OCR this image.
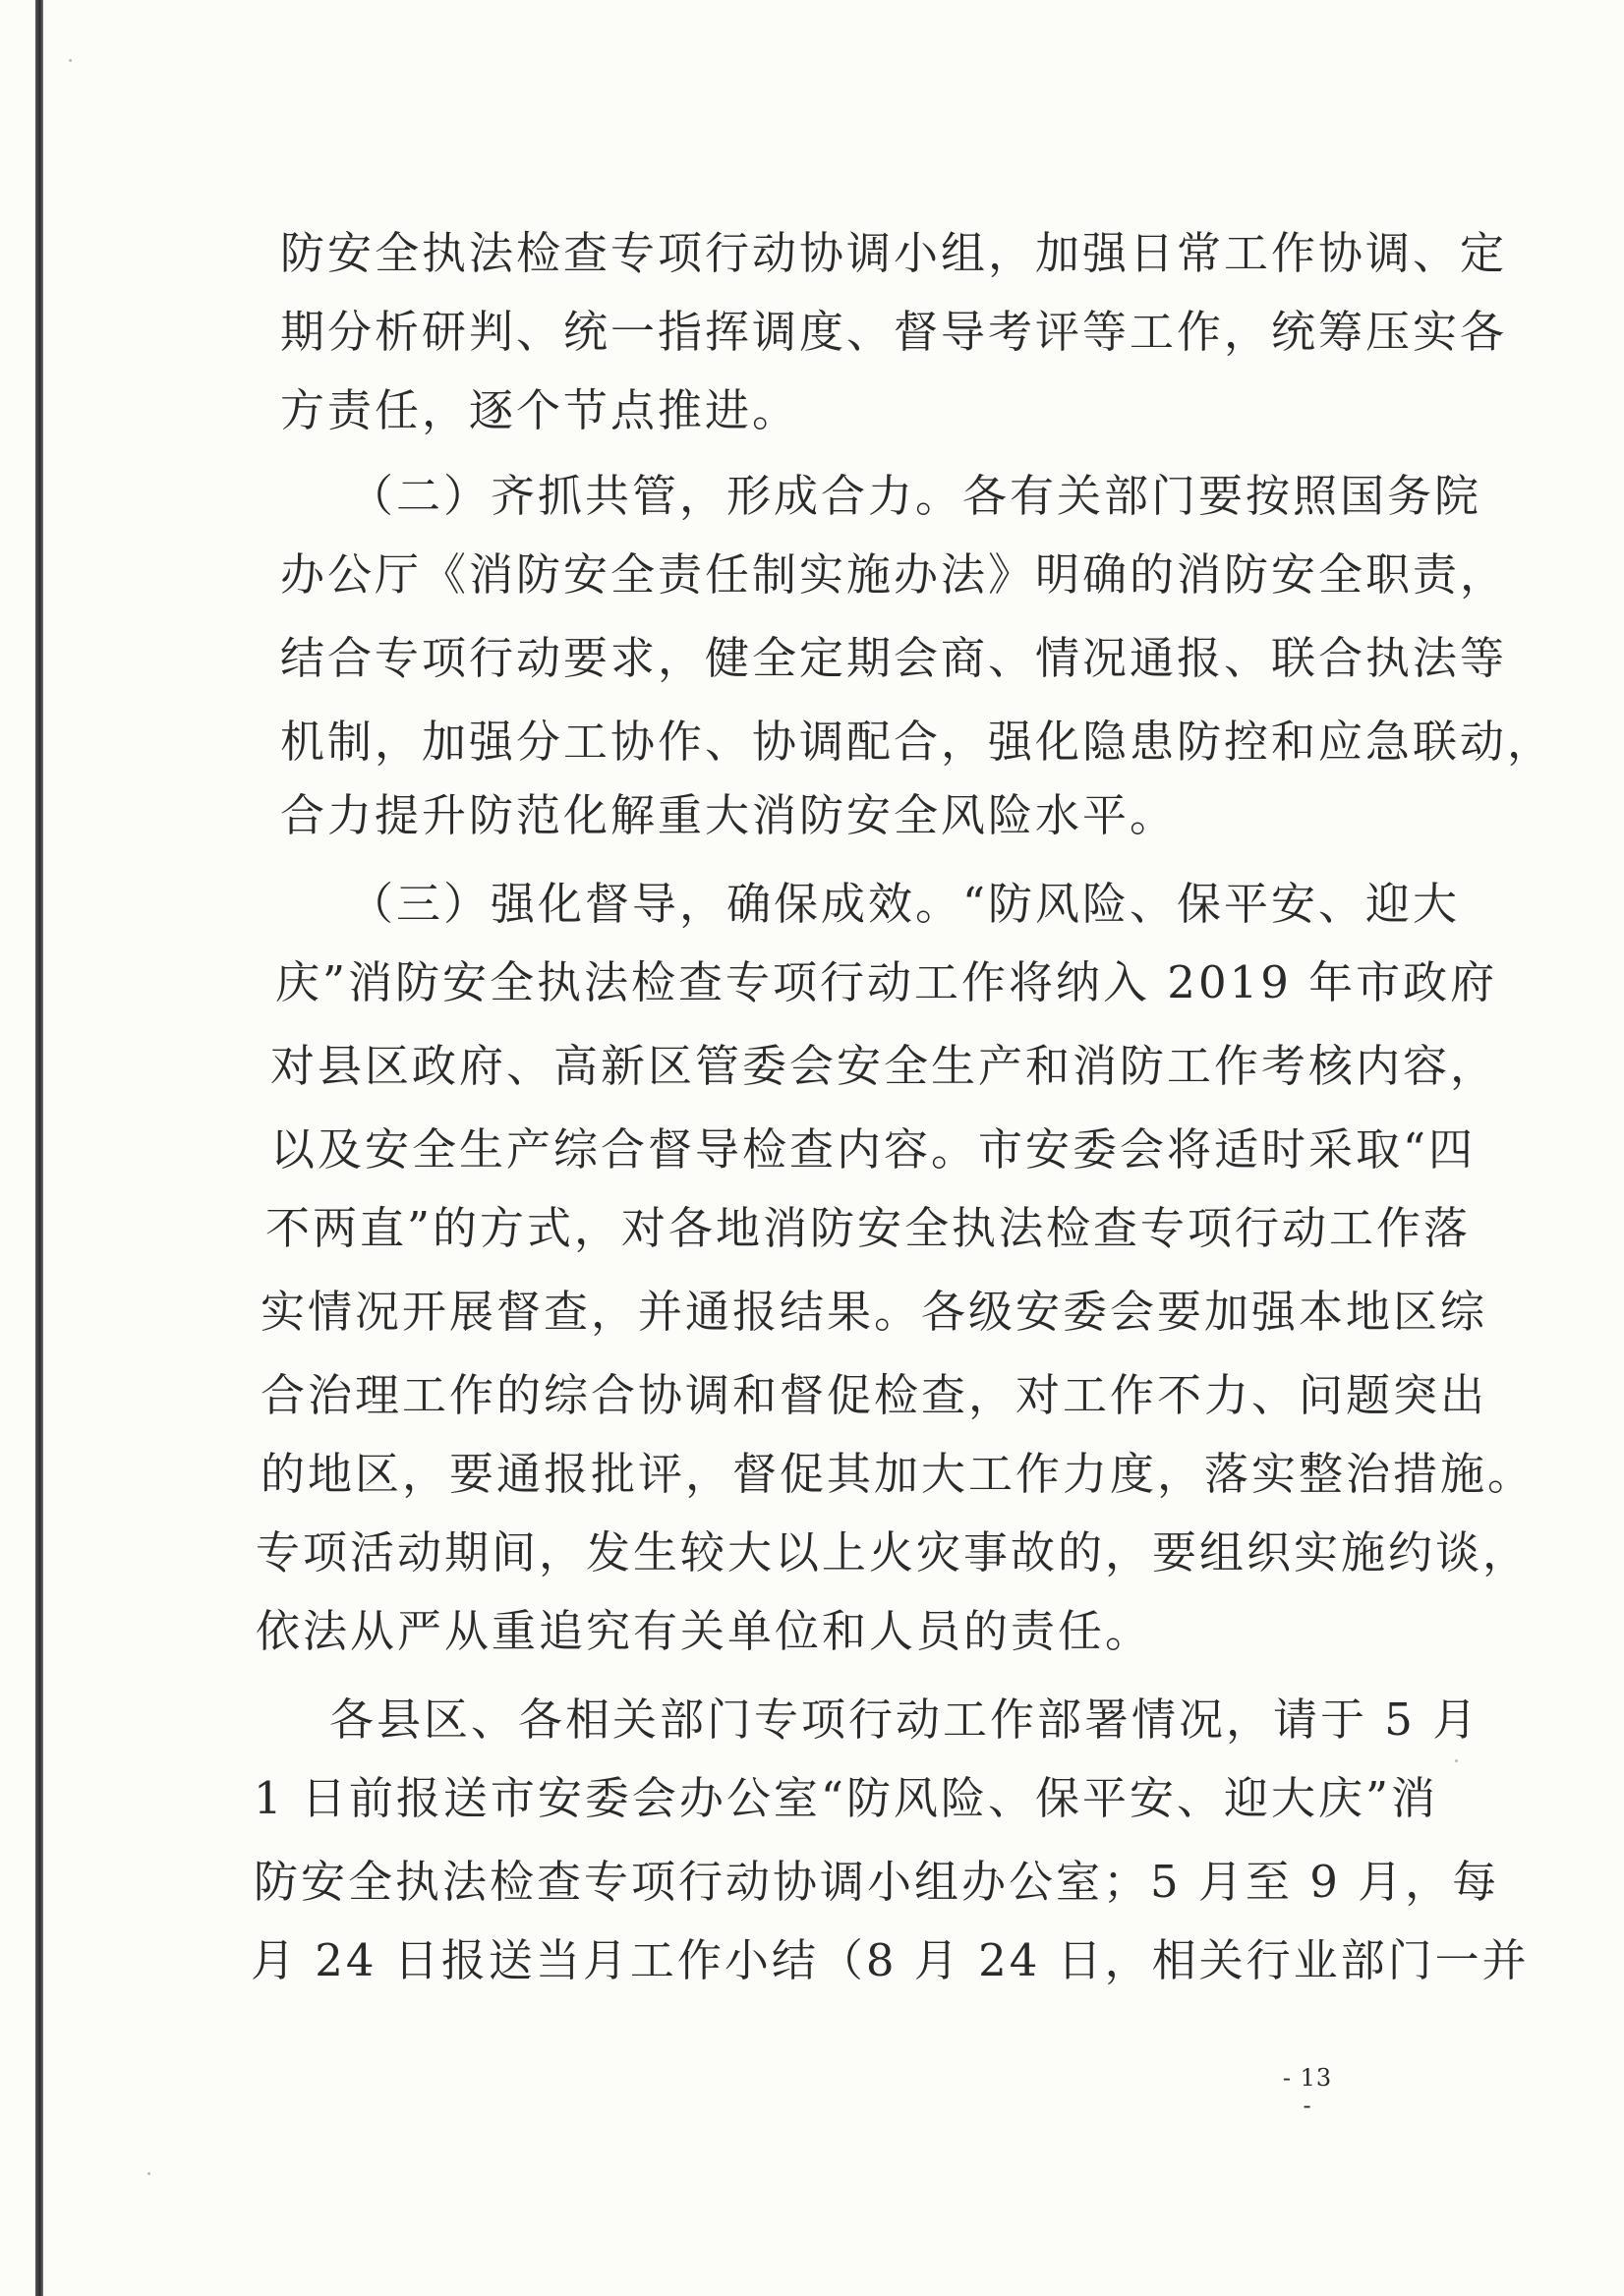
防安全执法检查专项行动协调小组，加强日常工作协调、定
期分析研判、统一指挥调度、督导考评等工作，统筹压实各
方责任，逐个节点推进。
（二）齐抓共管，形成合力。各有关部门要按照国务院
办公厅《消防安全责任制实施办法》明确的消防安全职责，
结合专项行动要求，健全定期会商、情况通报、联合执法等
机制，加强分工协作、协调配合，强化隐患防控和应急联动，
合力提升防范化解重大消防安全风险水平。
（三）强化督导，确保成效。“防风险、保平安、迎大
庆”消防安全执法检查专项行动工作将纳入 2019 年市政府
对县区政府、高新区管委会安全生产和消防工作考核内容，
以及安全生产综合督导检查内容。市安委会将适时采取“四
不两直”的方式，对各地消防安全执法检查专项行动工作落
实情况开展督查，并通报结果。各级安委会要加强本地区综
合治理工作的综合协调和督促检查，对工作不力、问题突出
的地区，要通报批评，督促其加大工作力度，落实整治措施。
专项活动期间，发生较大以上火灾事故的，要组织实施约谈，
依法从严从重追究有关单位和人员的责任。
各县区、各相关部门专项行动工作部署情况，请于 5 月
1 日前报送市安委会办公室“防风险、保平安、迎大庆”消
防安全执法检查专项行动协调小组办公室；5 月至 9 月，每
月 24 日报送当月工作小结（8 月 24 日，相关行业部门一并
- 13 -
